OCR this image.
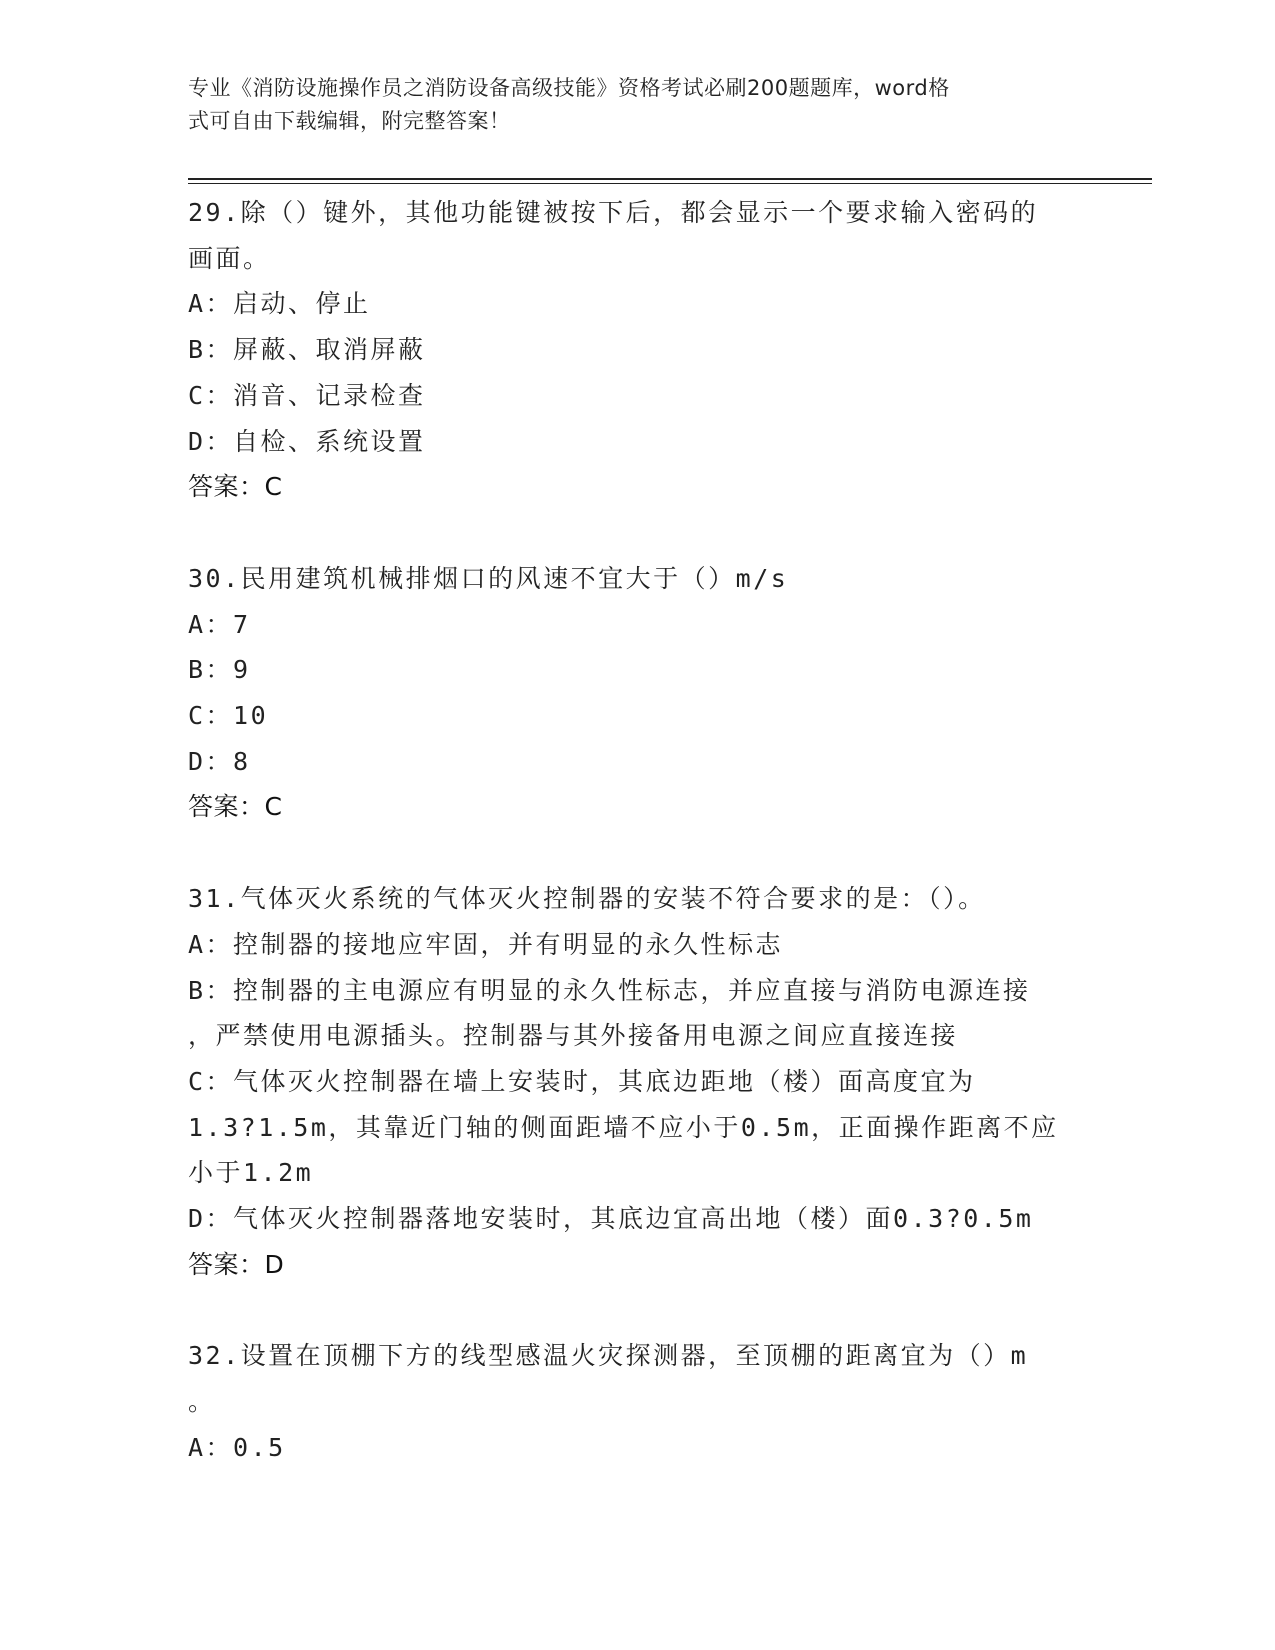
专业《消防设施操作员之消防设备高级技能》资格考试必刷200题题库，word格
式可自由下载编辑，附完整答案！
29.除（）键外，其他功能键被按下后，都会显示一个要求输入密码的
画面。
A：启动、停止
B：屏蔽、取消屏蔽
C：消音、记录检查
D：自检、系统设置
答案：C
30.民用建筑机械排烟口的风速不宜大于（）m/s
A：7
B：9
C：10
D：8
答案：C
31.气体灭火系统的气体灭火控制器的安装不符合要求的是：（）。
A：控制器的接地应牢固，并有明显的永久性标志
B：控制器的主电源应有明显的永久性标志，并应直接与消防电源连接
，严禁使用电源插头。控制器与其外接备用电源之间应直接连接
C：气体灭火控制器在墙上安装时，其底边距地（楼）面高度宜为
1.3?1.5m，其靠近门轴的侧面距墙不应小于0.5m，正面操作距离不应
小于1.2m
D：气体灭火控制器落地安装时，其底边宜高出地（楼）面0.3?0.5m
答案：D
32.设置在顶棚下方的线型感温火灾探测器，至顶棚的距离宜为（）m
。
A：0.5
